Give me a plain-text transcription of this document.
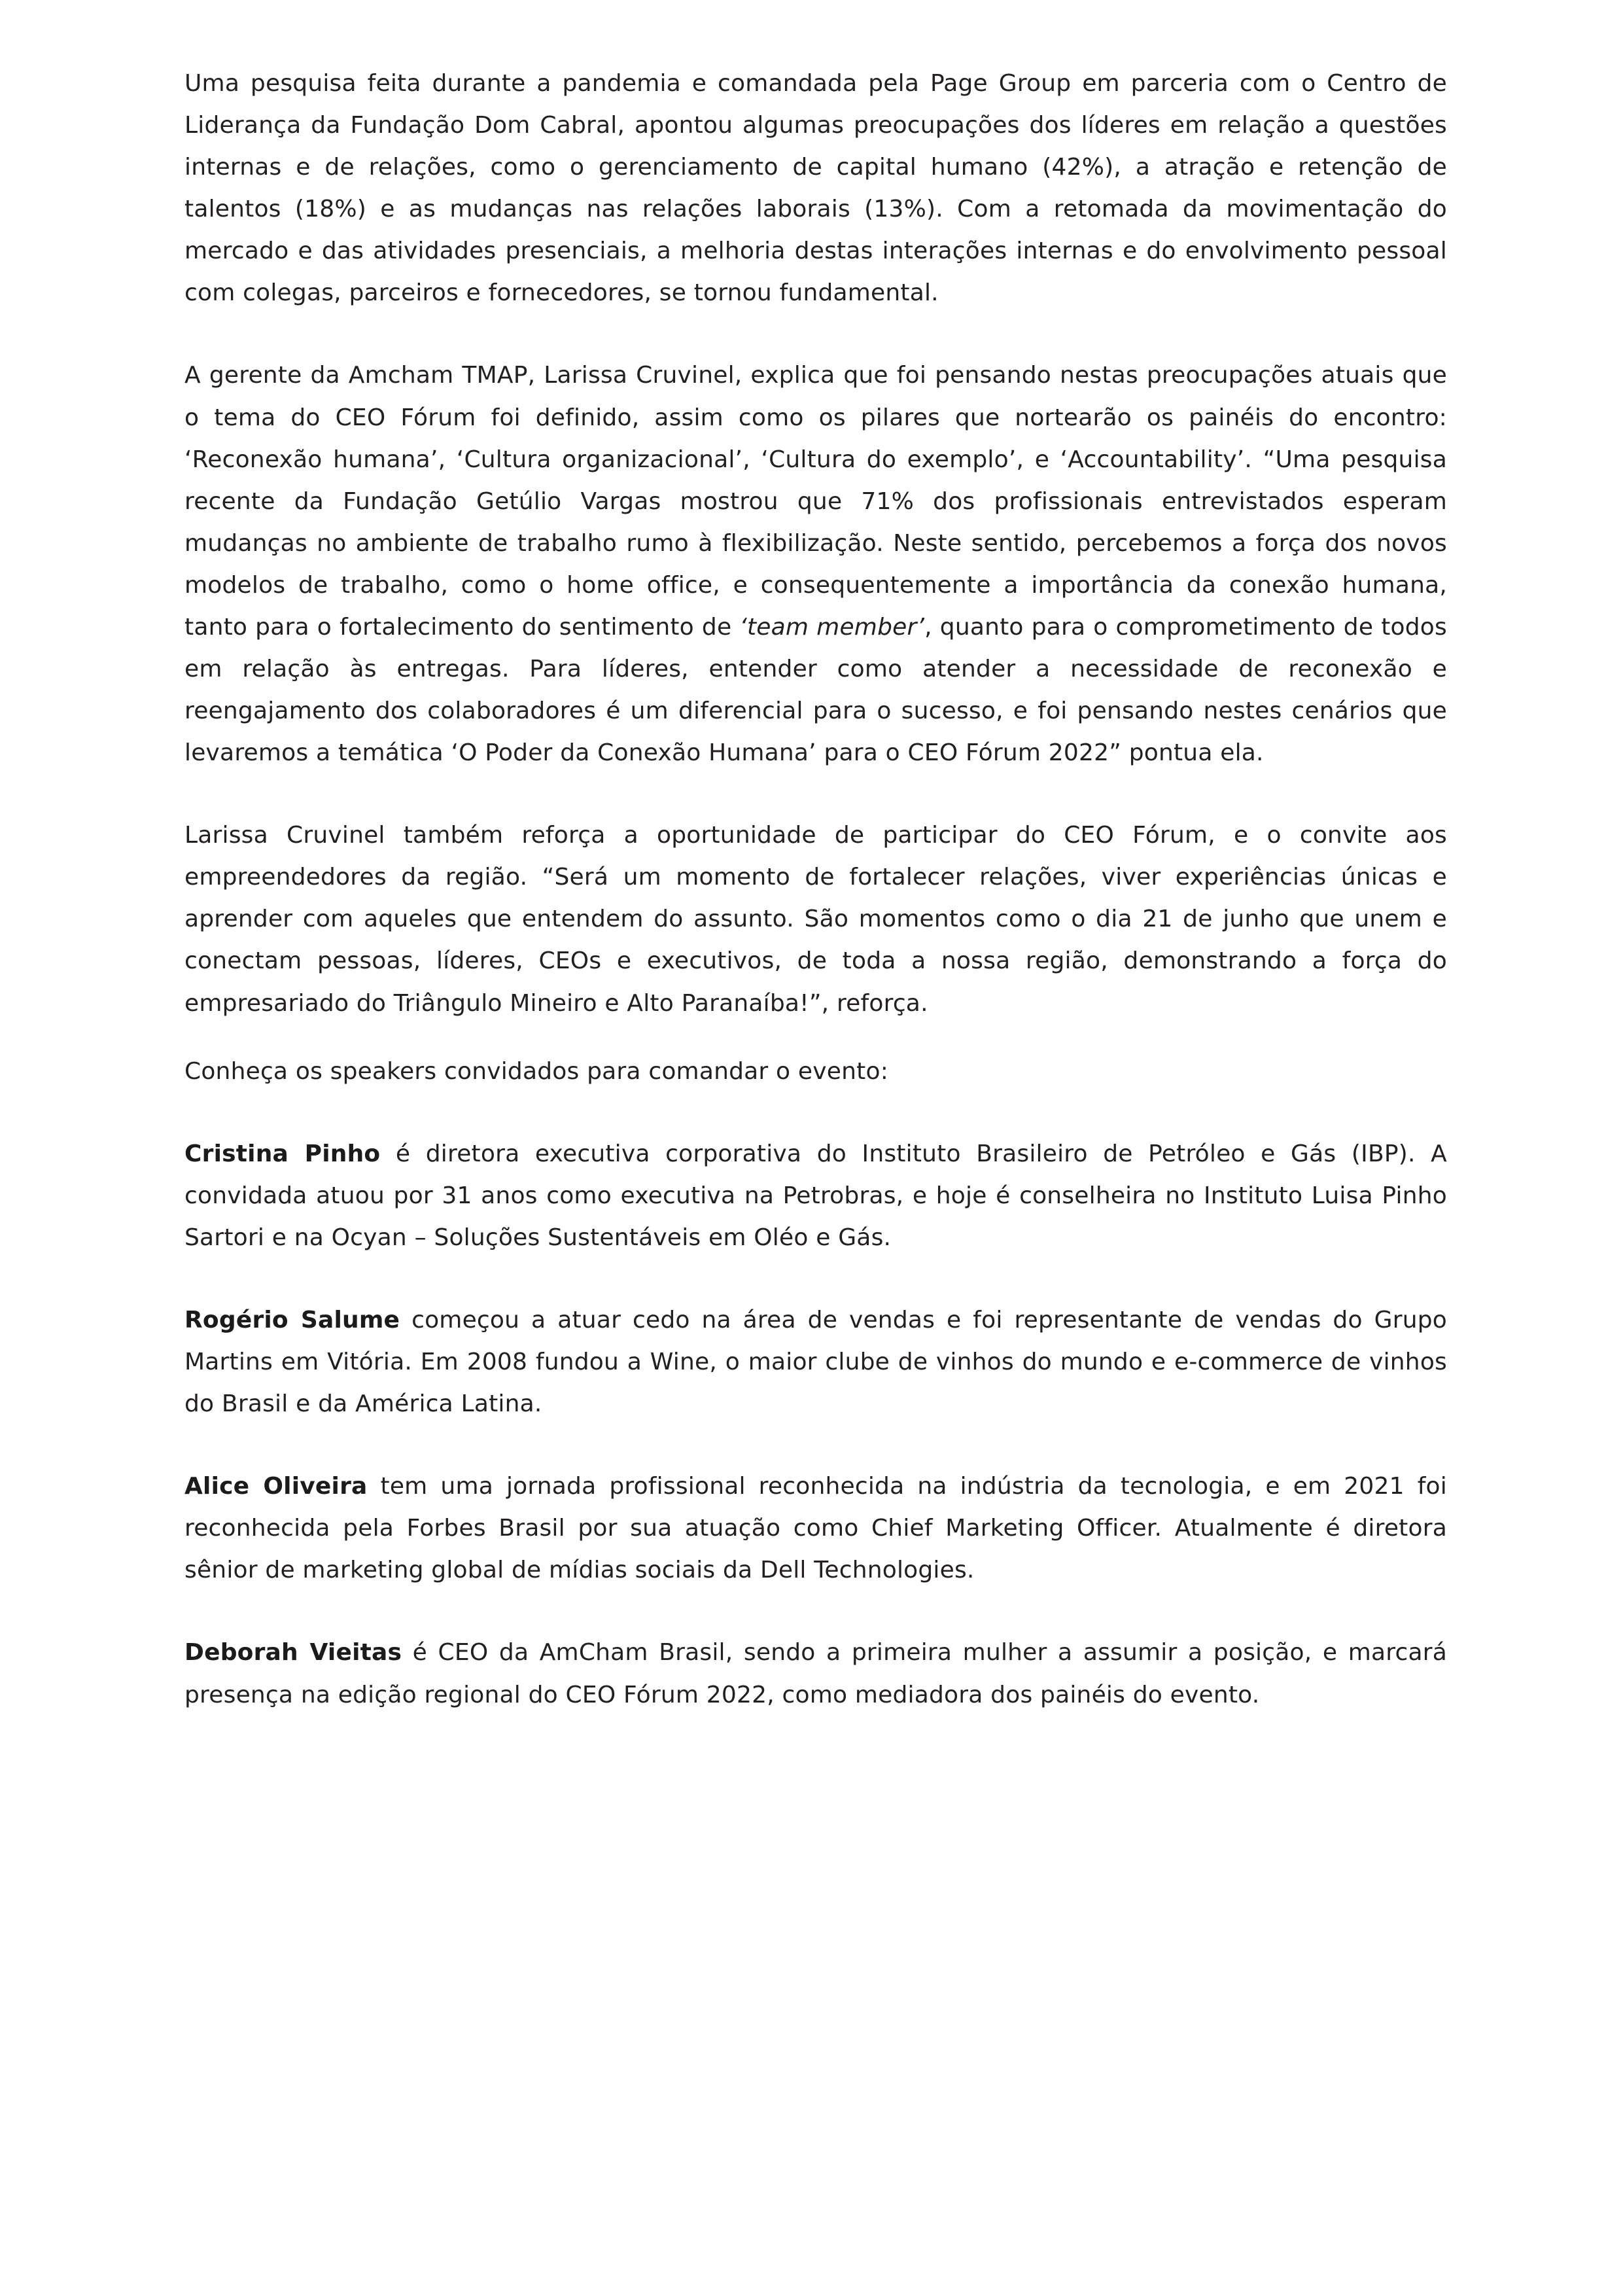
Uma pesquisa feita durante a pandemia e comandada pela Page Group em parceria com o Centro de Liderança da Fundação Dom Cabral, apontou algumas preocupações dos líderes em relação a questões internas e de relações, como o gerenciamento de capital humano (42%), a atração e retenção de talentos (18%) e as mudanças nas relações laborais (13%). Com a retomada da movimentação do mercado e das atividades presenciais, a melhoria destas interações internas e do envolvimento pessoal com colegas, parceiros e fornecedores, se tornou fundamental.

A gerente da Amcham TMAP, Larissa Cruvinel, explica que foi pensando nestas preocupações atuais que o tema do CEO Fórum foi definido, assim como os pilares que nortearão os painéis do encontro: ‘Reconexão humana’, ‘Cultura organizacional’, ‘Cultura do exemplo’, e ‘Accountability’. “Uma pesquisa recente da Fundação Getúlio Vargas mostrou que 71% dos profissionais entrevistados esperam mudanças no ambiente de trabalho rumo à flexibilização. Neste sentido, percebemos a força dos novos modelos de trabalho, como o home office, e consequentemente a importância da conexão humana, tanto para o fortalecimento do sentimento de ‘team member’, quanto para o comprometimento de todos em relação às entregas. Para líderes, entender como atender a necessidade de reconexão e reengajamento dos colaboradores é um diferencial para o sucesso, e foi pensando nestes cenários que levaremos a temática ‘O Poder da Conexão Humana’ para o CEO Fórum 2022” pontua ela.

Larissa Cruvinel também reforça a oportunidade de participar do CEO Fórum, e o convite aos empreendedores da região. “Será um momento de fortalecer relações, viver experiências únicas e aprender com aqueles que entendem do assunto. São momentos como o dia 21 de junho que unem e conectam pessoas, líderes, CEOs e executivos, de toda a nossa região, demonstrando a força do empresariado do Triângulo Mineiro e Alto Paranaíba!”, reforça.

Conheça os speakers convidados para comandar o evento:

Cristina Pinho é diretora executiva corporativa do Instituto Brasileiro de Petróleo e Gás (IBP). A convidada atuou por 31 anos como executiva na Petrobras, e hoje é conselheira no Instituto Luisa Pinho Sartori e na Ocyan – Soluções Sustentáveis em Oléo e Gás.

Rogério Salume começou a atuar cedo na área de vendas e foi representante de vendas do Grupo Martins em Vitória. Em 2008 fundou a Wine, o maior clube de vinhos do mundo e e-commerce de vinhos do Brasil e da América Latina.

Alice Oliveira tem uma jornada profissional reconhecida na indústria da tecnologia, e em 2021 foi reconhecida pela Forbes Brasil por sua atuação como Chief Marketing Officer. Atualmente é diretora sênior de marketing global de mídias sociais da Dell Technologies.

Deborah Vieitas é CEO da AmCham Brasil, sendo a primeira mulher a assumir a posição, e marcará presença na edição regional do CEO Fórum 2022, como mediadora dos painéis do evento.
